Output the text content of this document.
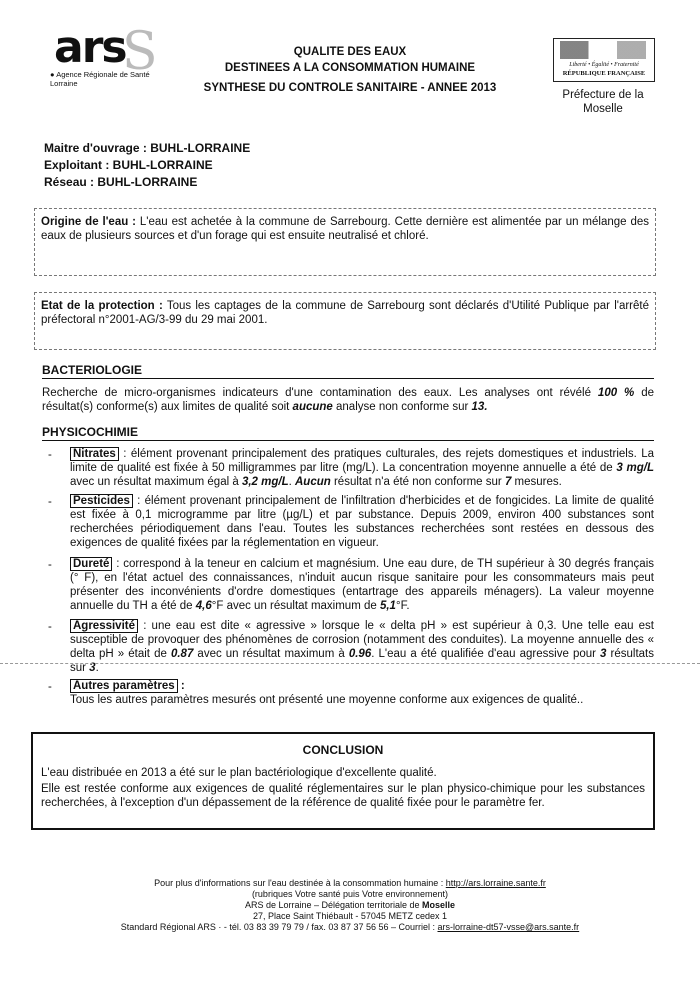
ars
S
● Agence Régionale de Santé
Lorraine
QUALITE DES EAUX
DESTINEES A LA CONSOMMATION HUMAINE
SYNTHESE DU CONTROLE SANITAIRE - ANNEE 2013
Liberté • Égalité • Fraternité
RÉPUBLIQUE FRANÇAISE
Préfecture de la
Moselle
Maitre d'ouvrage : BUHL-LORRAINE
Exploitant : BUHL-LORRAINE
Réseau : BUHL-LORRAINE
Origine de l'eau : L'eau est achetée à la commune de Sarrebourg. Cette dernière est alimentée par un mélange des eaux de plusieurs sources et d'un forage qui est ensuite neutralisé et chloré.
Etat de la protection : Tous les captages de la commune de Sarrebourg sont déclarés d'Utilité Publique par l'arrêté préfectoral n°2001-AG/3-99 du 29 mai 2001.
BACTERIOLOGIE
Recherche de micro-organismes indicateurs d'une contamination des eaux. Les analyses ont révélé 100 % de résultat(s) conforme(s) aux limites de qualité soit aucune analyse non conforme sur 13.
PHYSICOCHIMIE
- Nitrates : élément provenant principalement des pratiques culturales, des rejets domestiques et industriels. La limite de qualité est fixée à 50 milligrammes par litre (mg/L). La concentration moyenne annuelle a été de 3 mg/L avec un résultat maximum égal à 3,2 mg/L. Aucun résultat n'a été non conforme sur 7 mesures.
- Pesticides : élément provenant principalement de l'infiltration d'herbicides et de fongicides. La limite de qualité est fixée à 0,1 microgramme par litre (µg/L) et par substance. Depuis 2009, environ 400 substances sont recherchées périodiquement dans l'eau. Toutes les substances recherchées sont restées en dessous des exigences de qualité fixées par la réglementation en vigueur.
- Dureté : correspond à la teneur en calcium et magnésium. Une eau dure, de TH supérieur à 30 degrés français (° F), en l'état actuel des connaissances, n'induit aucun risque sanitaire pour les consommateurs mais peut présenter des inconvénients d'ordre domestiques (entartrage des appareils ménagers). La valeur moyenne annuelle du TH a été de 4,6°F avec un résultat maximum de 5,1°F.
- Agressivité : une eau est dite « agressive » lorsque le « delta pH » est supérieur à 0,3. Une telle eau est susceptible de provoquer des phénomènes de corrosion (notamment des conduites). La moyenne annuelle des « delta pH » était de 0.87 avec un résultat maximum à 0.96. L'eau a été qualifiée d'eau agressive pour 3 résultats sur 3.
- Autres paramètres :
Tous les autres paramètres mesurés ont présenté une moyenne conforme aux exigences de qualité..
CONCLUSION
L'eau distribuée en 2013 a été sur le plan bactériologique d'excellente qualité.
Elle est restée conforme aux exigences de qualité réglementaires sur le plan physico-chimique pour les substances recherchées, à l'exception d'un dépassement de la référence de qualité fixée pour le paramètre fer.
Pour plus d'informations sur l'eau destinée à la consommation humaine : http://ars.lorraine.sante.fr
(rubriques Votre santé puis Votre environnement)
ARS de Lorraine – Délégation territoriale de Moselle
27, Place Saint Thiébault - 57045 METZ cedex 1
Standard Régional ARS · - tél. 03 83 39 79 79 / fax. 03 87 37 56 56 – Courriel : ars-lorraine-dt57-vsse@ars.sante.fr
